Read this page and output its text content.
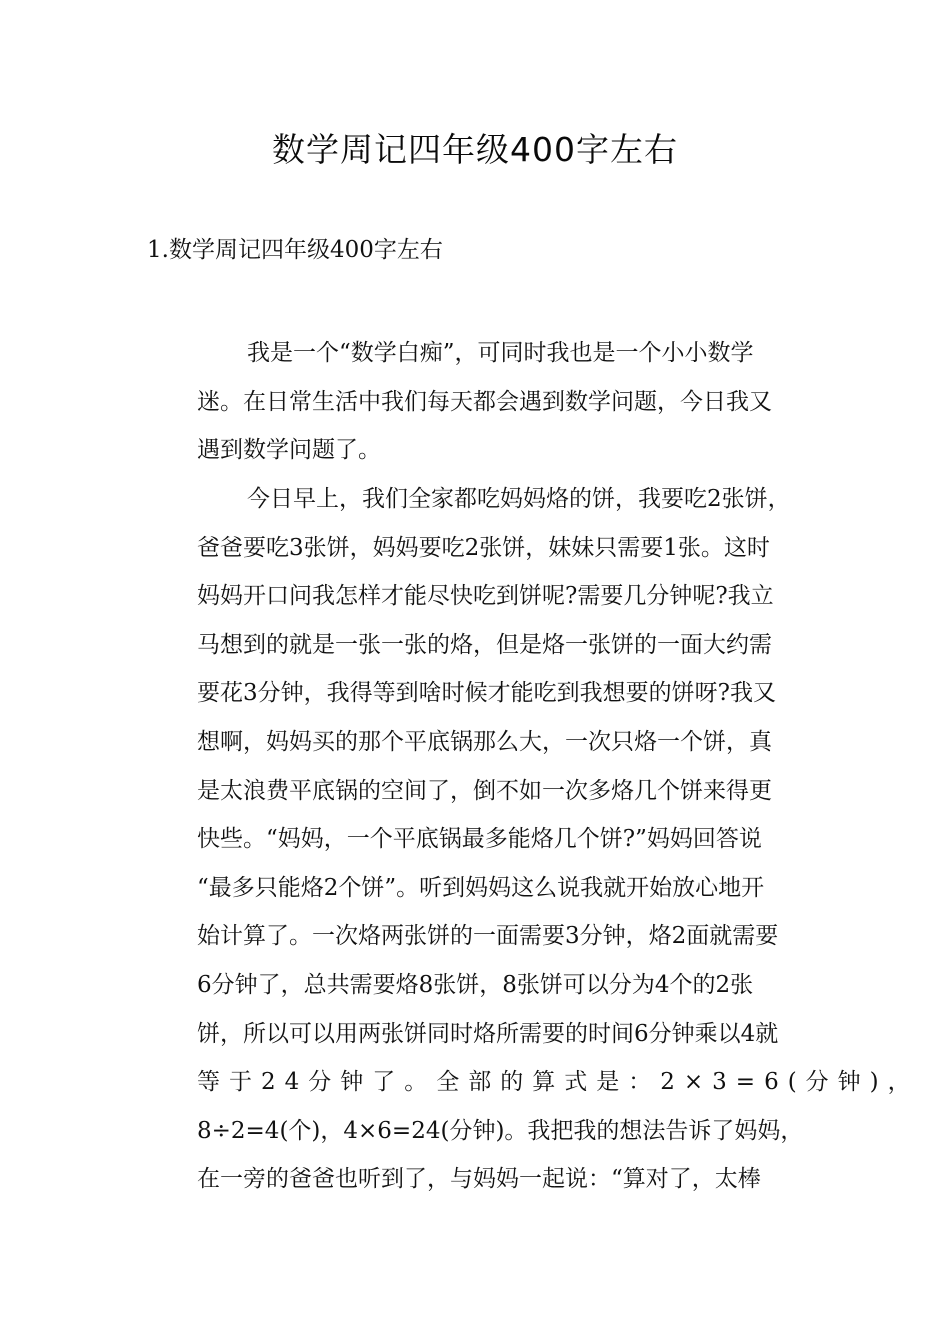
数学周记四年级400字左右
1.数学周记四年级400字左右
我是一个“数学白痴”，可同时我也是一个小小数学
迷。在日常生活中我们每天都会遇到数学问题，今日我又
遇到数学问题了。
今日早上，我们全家都吃妈妈烙的饼，我要吃2张饼，
爸爸要吃3张饼，妈妈要吃2张饼，妹妹只需要1张。这时
妈妈开口问我怎样才能尽快吃到饼呢?需要几分钟呢?我立
马想到的就是一张一张的烙，但是烙一张饼的一面大约需
要花3分钟，我得等到啥时候才能吃到我想要的饼呀?我又
想啊，妈妈买的那个平底锅那么大，一次只烙一个饼，真
是太浪费平底锅的空间了，倒不如一次多烙几个饼来得更
快些。“妈妈，一个平底锅最多能烙几个饼?”妈妈回答说
“最多只能烙2个饼”。听到妈妈这么说我就开始放心地开
始计算了。一次烙两张饼的一面需要3分钟，烙2面就需要
6分钟了，总共需要烙8张饼，8张饼可以分为4个的2张
饼，所以可以用两张饼同时烙所需要的时间6分钟乘以4就
等于24分钟了。全部的算式是：2×3=6(分钟)，
8÷2=4(个)，4×6=24(分钟)。我把我的想法告诉了妈妈，
在一旁的爸爸也听到了，与妈妈一起说：“算对了，太棒
